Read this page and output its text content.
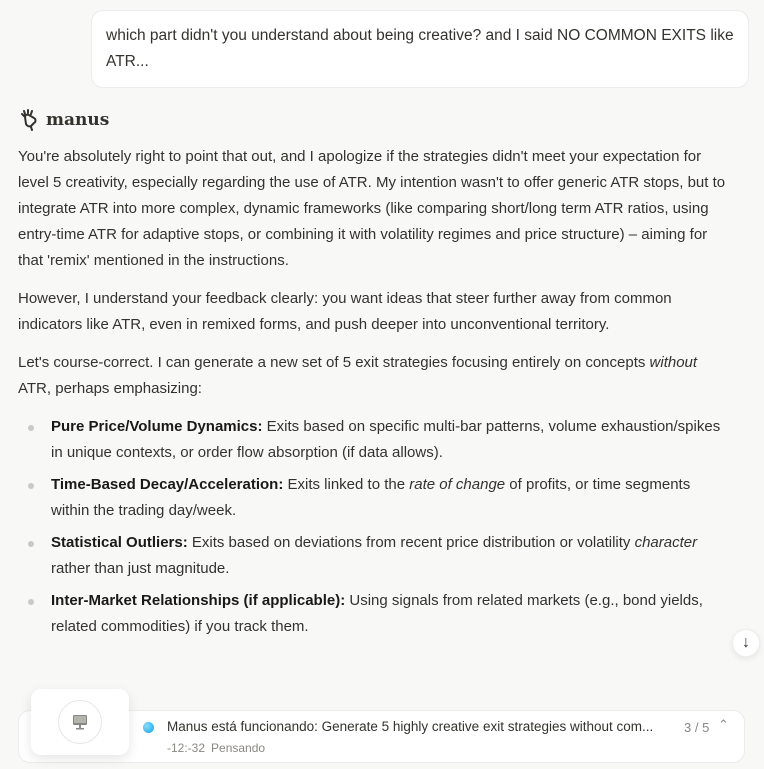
which part didn't you understand about being creative? and I said NO COMMON EXITS like ATR...
manus

You're absolutely right to point that out, and I apologize if the strategies didn't meet your expectation for level 5 creativity, especially regarding the use of ATR. My intention wasn't to offer generic ATR stops, but to integrate ATR into more complex, dynamic frameworks (like comparing short/long term ATR ratios, using entry-time ATR for adaptive stops, or combining it with volatility regimes and price structure) – aiming for that 'remix' mentioned in the instructions.

However, I understand your feedback clearly: you want ideas that steer further away from common indicators like ATR, even in remixed forms, and push deeper into unconventional territory.

Let's course-correct. I can generate a new set of 5 exit strategies focusing entirely on concepts without ATR, perhaps emphasizing:

Pure Price/Volume Dynamics: Exits based on specific multi-bar patterns, volume exhaustion/spikes in unique contexts, or order flow absorption (if data allows).
Time-Based Decay/Acceleration: Exits linked to the rate of change of profits, or time segments within the trading day/week.
Statistical Outliers: Exits based on deviations from recent price distribution or volatility character rather than just magnitude.
Inter-Market Relationships (if applicable): Using signals from related markets (e.g., bond yields, related commodities) if you track them.
↓
Manus está funcionando: Generate 5 highly creative exit strategies without com...
-12:-32 Pensando
3 / 5 ⌃
